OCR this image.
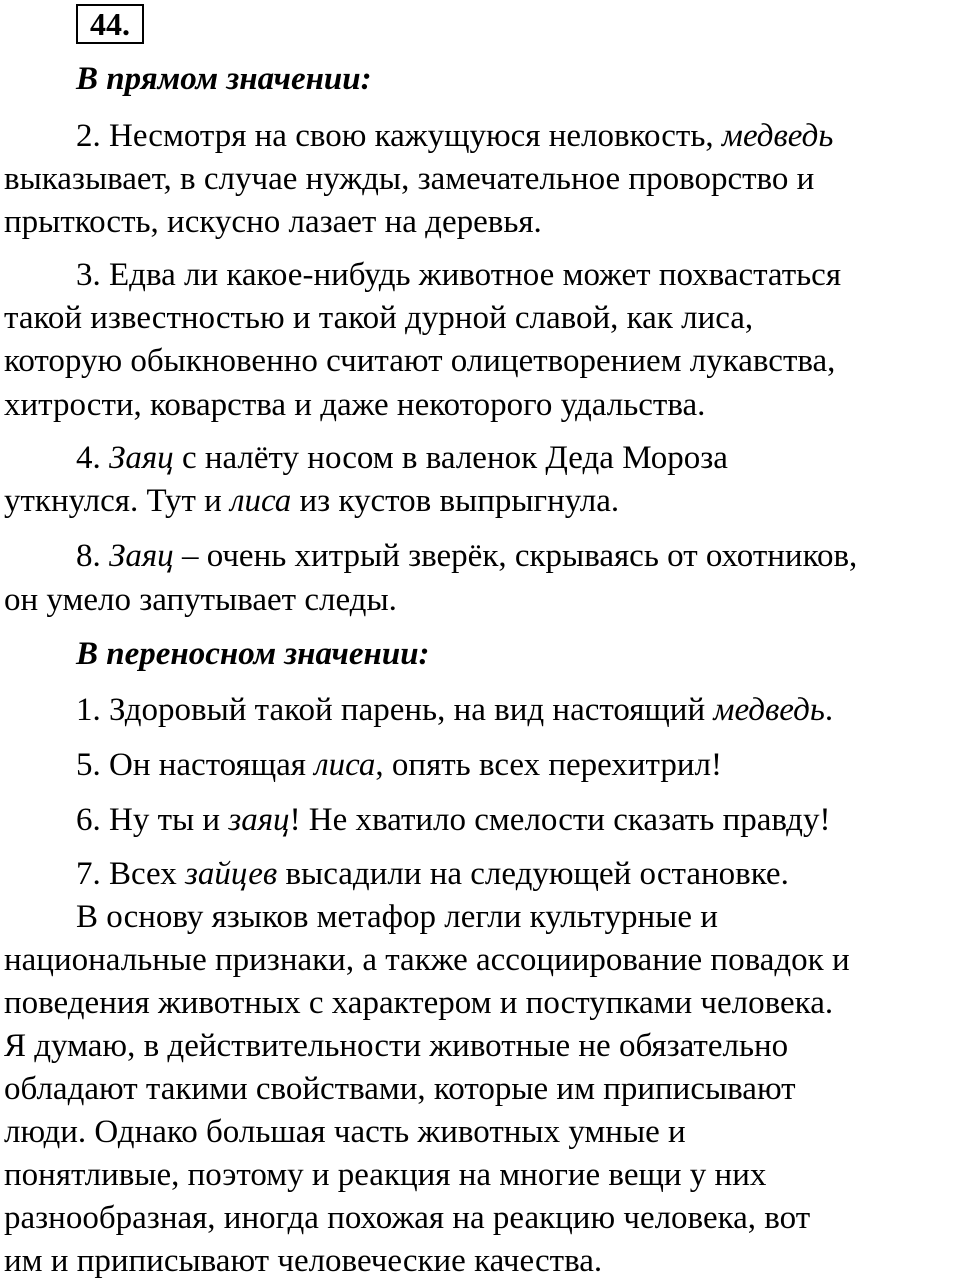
44.
В прямом значении:
2. Несмотря на свою кажущуюся неловкость, медведь
выказывает, в случае нужды, замечательное проворство и
прыткость, искусно лазает на деревья.
3. Едва ли какое-нибудь животное может похвастаться
такой известностью и такой дурной славой, как лиса,
которую обыкновенно считают олицетворением лукавства,
хитрости, коварства и даже некоторого удальства.
4. Заяц с налёту носом в валенок Деда Мороза
уткнулся. Тут и лиса из кустов выпрыгнула.
8. Заяц – очень хитрый зверёк, скрываясь от охотников,
он умело запутывает следы.
В переносном значении:
1. Здоровый такой парень, на вид настоящий медведь.
5. Он настоящая лиса, опять всех перехитрил!
6. Ну ты и заяц! Не хватило смелости сказать правду!
7. Всех зайцев высадили на следующей остановке.
В основу языков метафор легли культурные и
национальные признаки, а также ассоциирование повадок и
поведения животных с характером и поступками человека.
Я думаю, в действительности животные не обязательно
обладают такими свойствами, которые им приписывают
люди. Однако большая часть животных умные и
понятливые, поэтому и реакция на многие вещи у них
разнообразная, иногда похожая на реакцию человека, вот
им и приписывают человеческие качества.
